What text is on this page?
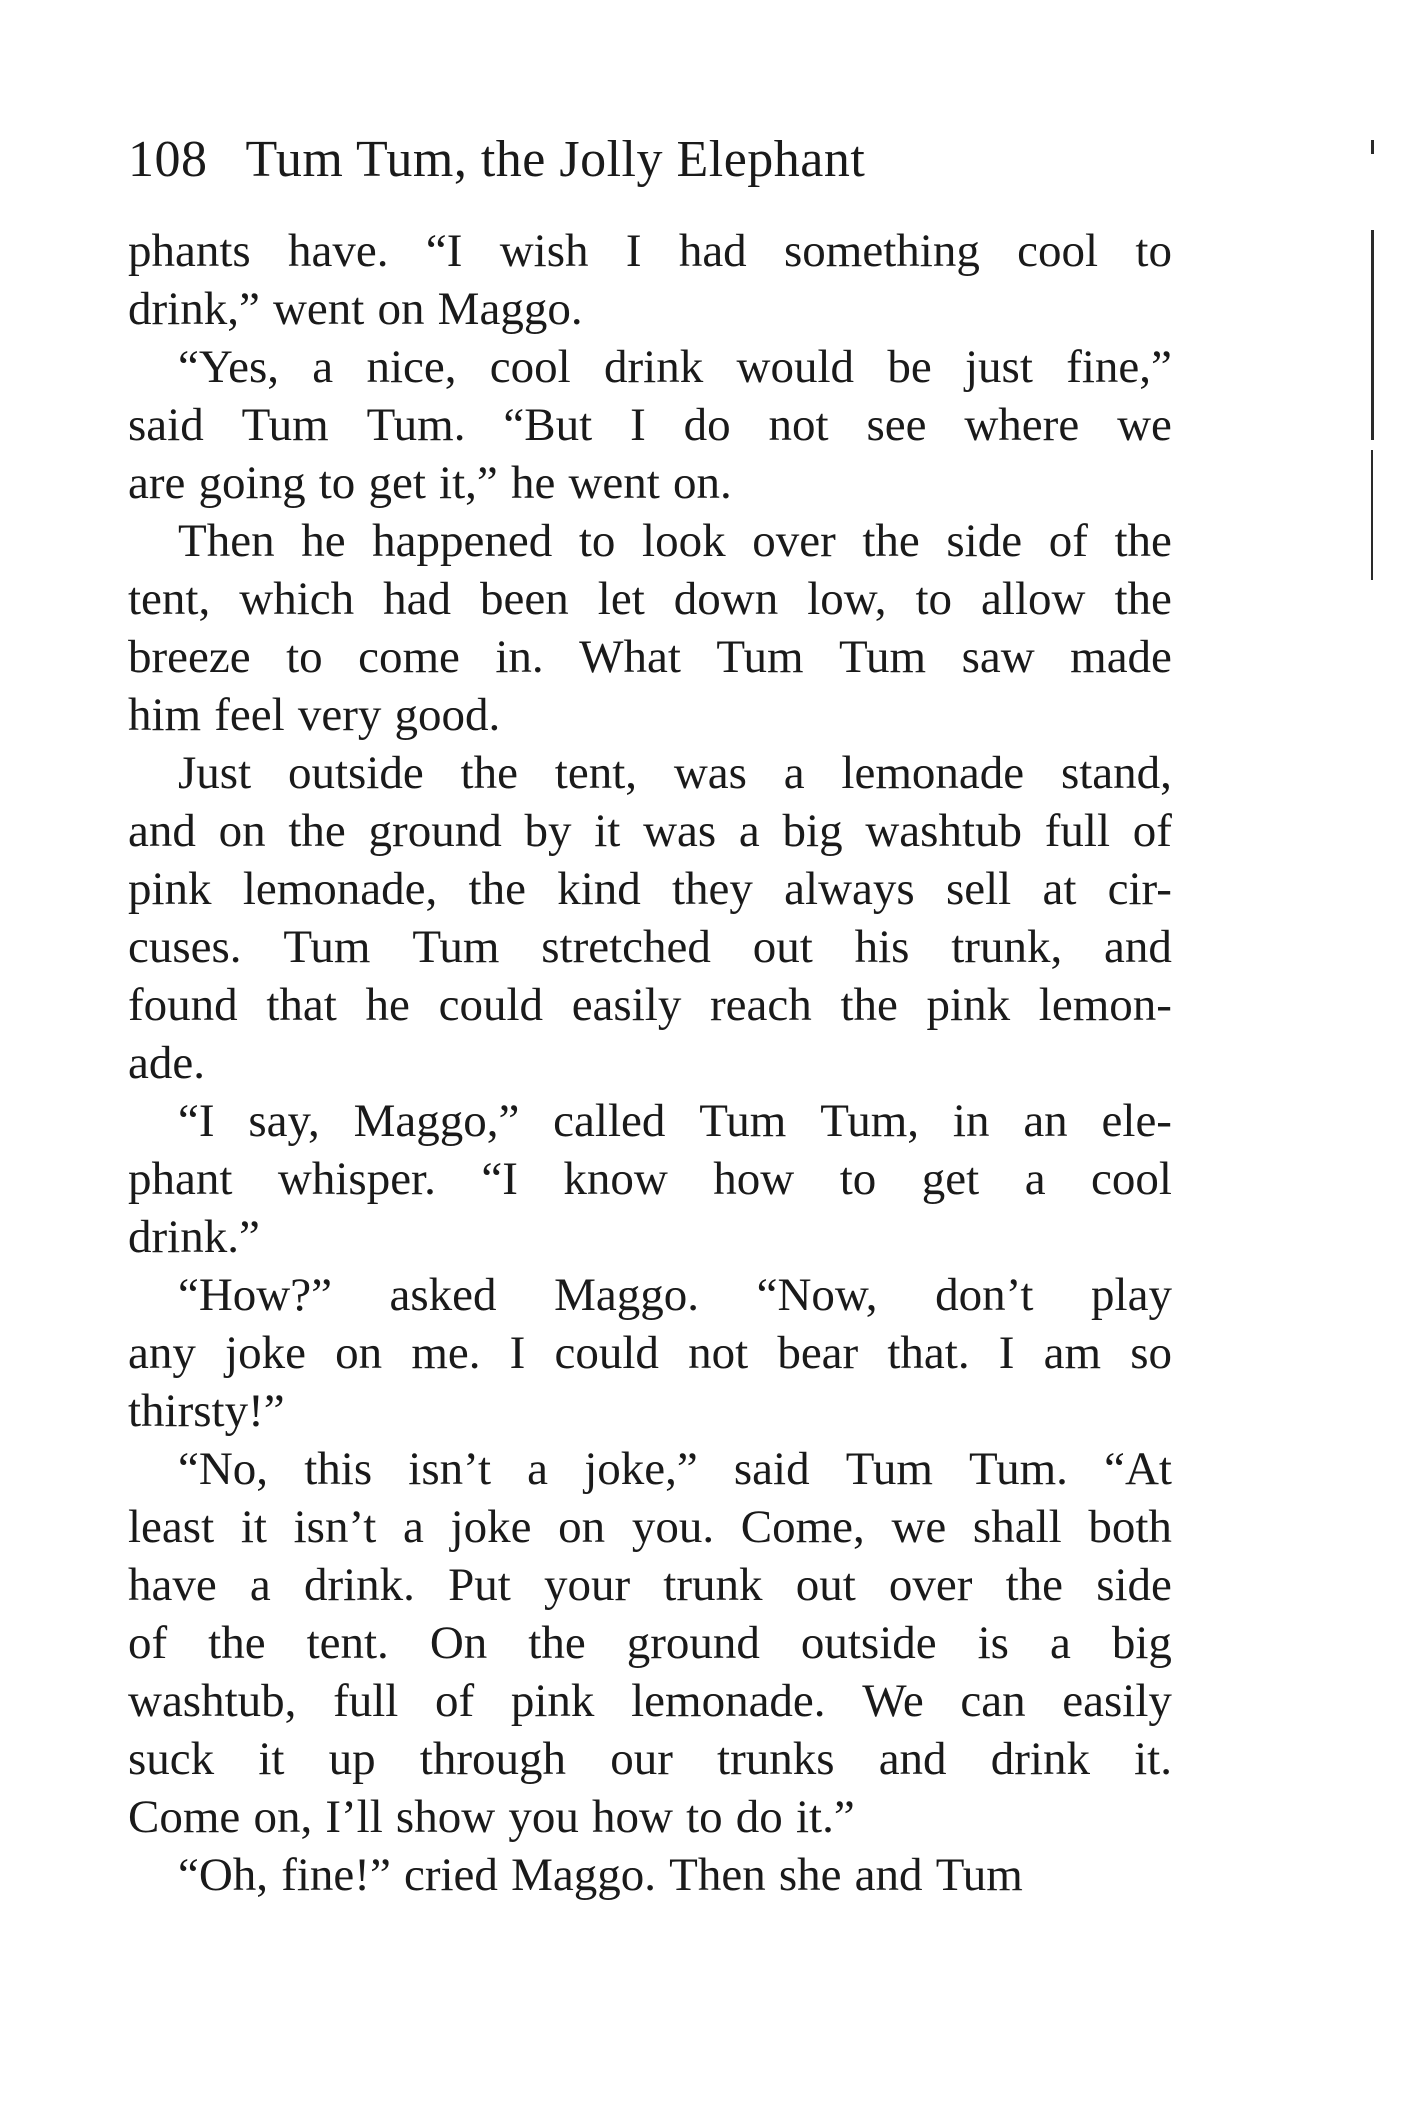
108 Tum Tum, the Jolly Elephant
phants have. “I wish I had something cool to
drink,” went on Maggo.
“Yes, a nice, cool drink would be just fine,”
said Tum Tum. “But I do not see where we
are going to get it,” he went on.
Then he happened to look over the side of the
tent, which had been let down low, to allow the
breeze to come in. What Tum Tum saw made
him feel very good.
Just outside the tent, was a lemonade stand,
and on the ground by it was a big washtub full of
pink lemonade, the kind they always sell at cir-
cuses. Tum Tum stretched out his trunk, and
found that he could easily reach the pink lemon-
ade.
“I say, Maggo,” called Tum Tum, in an ele-
phant whisper. “I know how to get a cool
drink.”
“How?” asked Maggo. “Now, don’t play
any joke on me. I could not bear that. I am so
thirsty!”
“No, this isn’t a joke,” said Tum Tum. “At
least it isn’t a joke on you. Come, we shall both
have a drink. Put your trunk out over the side
of the tent. On the ground outside is a big
washtub, full of pink lemonade. We can easily
suck it up through our trunks and drink it.
Come on, I’ll show you how to do it.”
“Oh, fine!” cried Maggo. Then she and Tum
